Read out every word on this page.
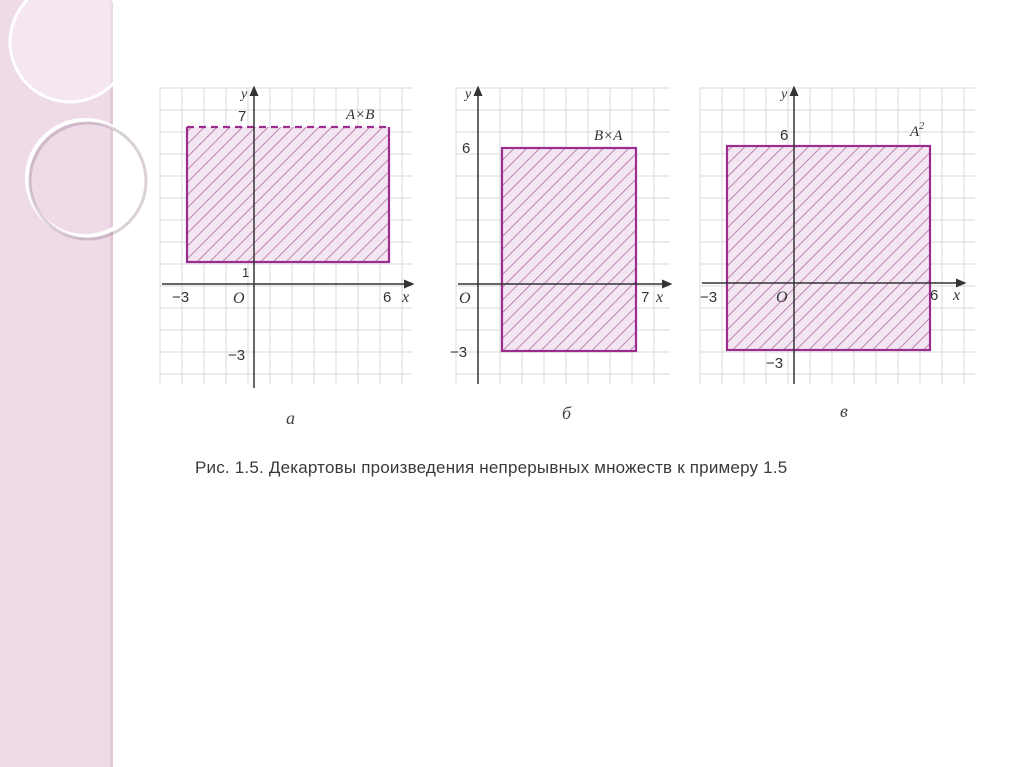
x
y
O
−3	6
7
1
−3
A×B
а
x
y
O	7
6
−3
B×A
б
x
y
O
−3	6
6
−3
$A^2$
в
Рис. 1.5. Декартовы произведения непрерывных множеств к примеру 1.5
